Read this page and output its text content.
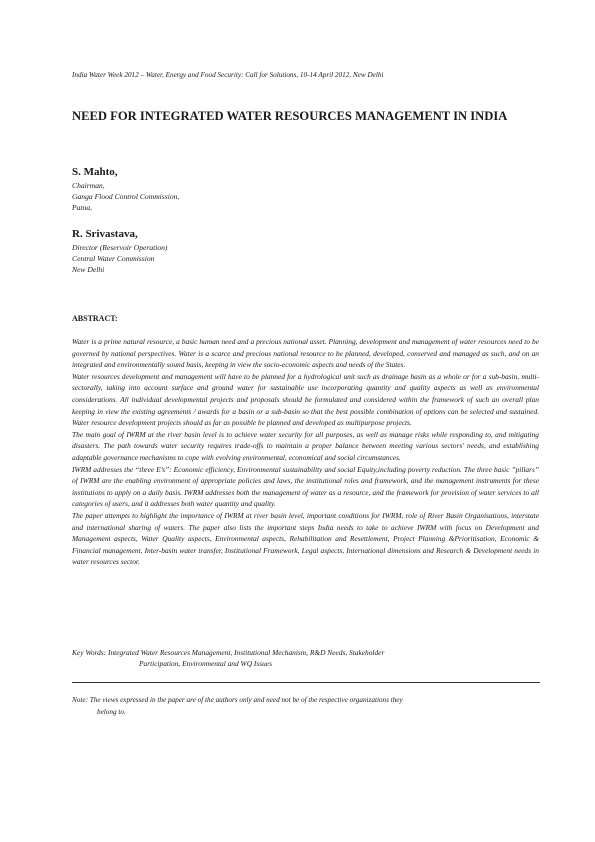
India Water Week 2012 – Water, Energy and Food Security: Call for Solutions, 10-14 April 2012, New Delhi
NEED FOR INTEGRATED WATER RESOURCES MANAGEMENT IN INDIA
S. Mahto,
Chairman,
Ganga Flood Control Commission,
Patna,
R. Srivastava,
Director (Reservoir Operation)
Central Water Commission
New Delhi
ABSTRACT:

Water is a prime natural resource, a basic human need and a precious national asset. Planning, development and management of water resources need to be governed by national perspectives. Water is a scarce and precious national resource to be planned, developed, conserved and managed as such, and on an integrated and environmentally sound basis, keeping in view the socio-economic aspects and needs of the States.

Water resources development and management will have to be planned for a hydrological unit such as drainage basin as a whole or for a sub-basin, multi-sectorally, taking into account surface and ground water for sustainable use incorporating quantity and quality aspects as well as environmental considerations. All individual developmental projects and proposals should be formulated and considered within the framework of such an overall plan keeping in view the existing agreements / awards for a basin or a sub-basin so that the best possible combination of options can be selected and sustained. Water resource development projects should as far as possible be planned and developed as multipurpose projects.

The main goal of IWRM at the river basin level is to achieve water security for all purposes, as well as manage risks while responding to, and mitigating disasters. The path towards water security requires trade-offs to maintain a proper balance between meeting various sectors' needs, and establishing adaptable governance mechanisms to cope with evolving environmental, economical and social circumstances.

IWRM addresses the “three E’s”: Economic efficiency, Environmental sustainability and social Equity,including poverty reduction. The three basic ”pillars” of IWRM are the enabling environment of appropriate policies and laws, the institutional roles and framework, and the management instruments for these institutions to apply on a daily basis. IWRM addresses both the management of water as a resource, and the framework for provision of water services to all categories of users, and it addresses both water quantity and quality.

The paper attempts to highlight the importance of IWRM at river basin level, important conditions for IWRM, role of River Basin Organisations, interstate and international sharing of waters. The paper also lists the important steps India needs to take to achieve IWRM with focus on Development and Management aspects, Water Quality aspects, Environmental aspects, Rehabilitation and Resettlement, Project Planning &Prioritisation, Economic & Financial management, Inter-basin water transfer, Institutional Framework, Legal aspects, International dimensions and Research & Development needs in water resources sector.

Key Words: Integrated Water Resources Management, Institutional Mechanism, R&D Needs, Stakeholder
Participation, Environmental and WQ Issues
Note: The views expressed in the paper are of the authors only and need not be of the respective organizations they
belong to.
